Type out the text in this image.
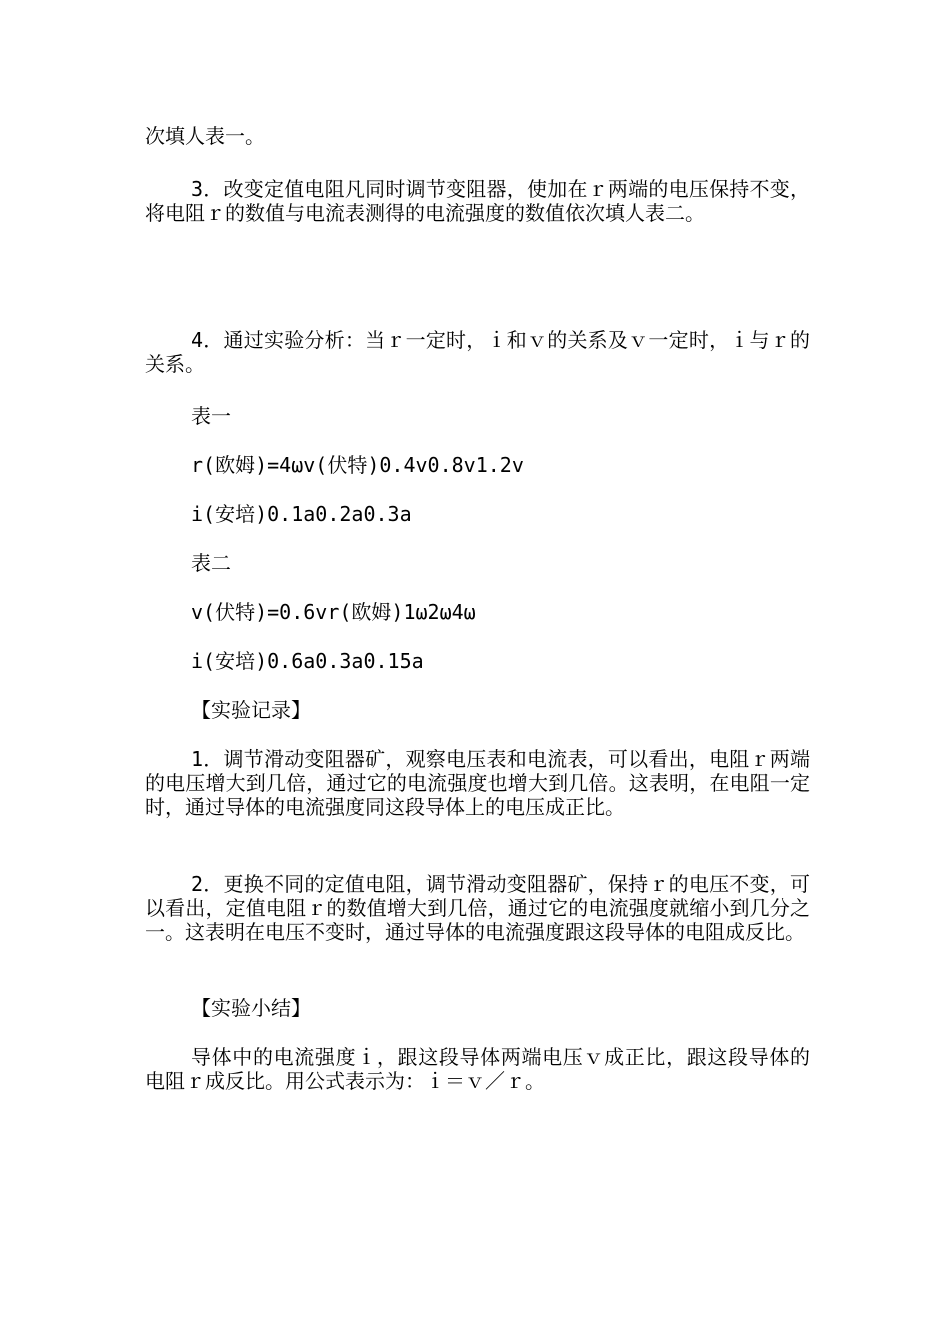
次填人表一。

3．改变定值电阻凡同时调节变阻器，使加在ｒ两端的电压保持不变，将电阻ｒ的数值与电流表测得的电流强度的数值依次填人表二。

4．通过实验分析：当ｒ一定时，ｉ和ｖ的关系及ｖ一定时，ｉ与ｒ的关系。

表一

r(欧姆)=4ωv(伏特)0.4v0.8v1.2v

i(安培)0.1a0.2a0.3a

表二

v(伏特)=0.6vr(欧姆)1ω2ω4ω

i(安培)0.6a0.3a0.15a

【实验记录】

1．调节滑动变阻器矿，观察电压表和电流表，可以看出，电阻ｒ两端的电压增大到几倍，通过它的电流强度也增大到几倍。这表明，在电阻一定时，通过导体的电流强度同这段导体上的电压成正比。

2．更换不同的定值电阻，调节滑动变阻器矿，保持ｒ的电压不变，可以看出，定值电阻ｒ的数值增大到几倍，通过它的电流强度就缩小到几分之一。这表明在电压不变时，通过导体的电流强度跟这段导体的电阻成反比。

【实验小结】

导体中的电流强度ｉ，跟这段导体两端电压ｖ成正比，跟这段导体的电阻ｒ成反比。用公式表示为：ｉ＝ｖ／ｒ。
